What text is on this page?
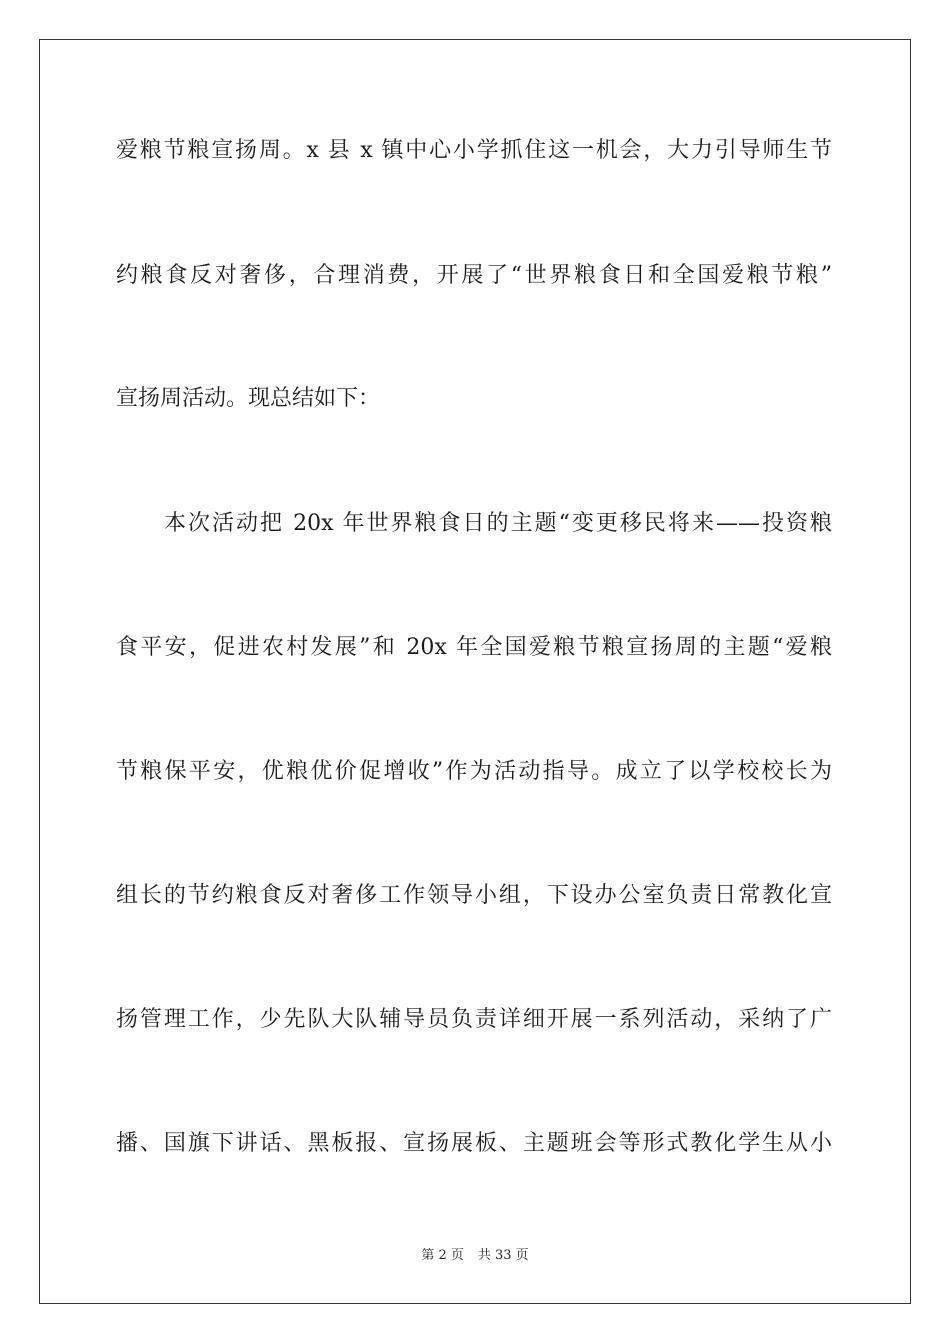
爱粮节粮宣扬周。x 县 x 镇中心小学抓住这一机会，大力引导师生节
约粮食反对奢侈，合理消费，开展了“世界粮食日和全国爱粮节粮”
宣扬周活动。现总结如下：
本次活动把 20x 年世界粮食日的主题“变更移民将来——投资粮
食平安，促进农村发展”和 20x 年全国爱粮节粮宣扬周的主题“爱粮
节粮保平安，优粮优价促增收”作为活动指导。成立了以学校校长为
组长的节约粮食反对奢侈工作领导小组，下设办公室负责日常教化宣
扬管理工作，少先队大队辅导员负责详细开展一系列活动，采纳了广
播、国旗下讲话、黑板报、宣扬展板、主题班会等形式教化学生从小
第 2 页 共 33 页
